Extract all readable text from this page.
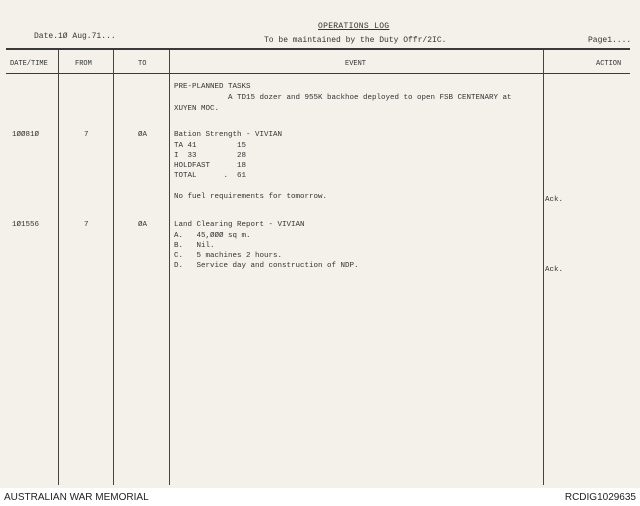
OPERATIONS LOG
To be maintained by the Duty Offr/2IC.
Date.1Ø Aug.71...	Page1....
DATE/TIME	FROM	TO	EVENT	ACTION
PRE-PLANNED TASKS
A TD15 dozer and 955K backhoe deployed to open FSB CENTENARY at
XUYEN MOC.
1ØØ81Ø	7	ØA	Bation Strength - VIVIAN
TA 41         15
I  33         28
HOLDFAST      18
TOTAL      .  61
No fuel requirements for tomorrow.	Ack.
1Ø1556	7	ØA	Land Clearing Report - VIVIAN
A.   45,ØØØ sq m.
B.   Nil.
C.   5 machines 2 hours.
D.   Service day and construction of NDP.	Ack.
AUSTRALIAN WAR MEMORIAL	RCDIG1029635
